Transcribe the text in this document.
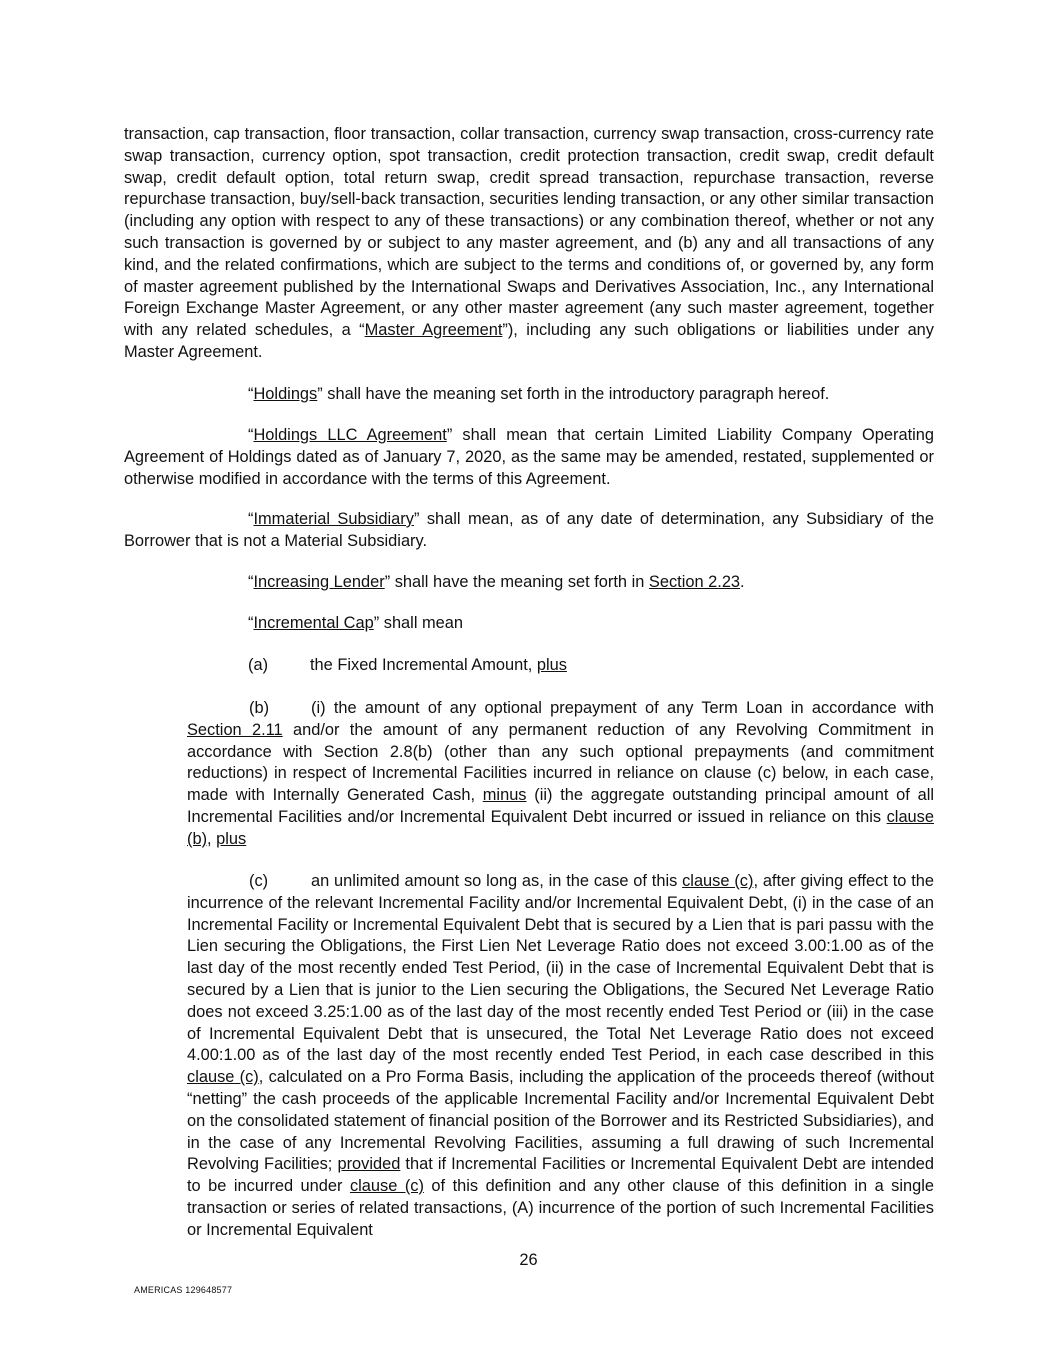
transaction, cap transaction, floor transaction, collar transaction, currency swap transaction, cross-currency rate swap transaction, currency option, spot transaction, credit protection transaction, credit swap, credit default swap, credit default option, total return swap, credit spread transaction, repurchase transaction, reverse repurchase transaction, buy/sell-back transaction, securities lending transaction, or any other similar transaction (including any option with respect to any of these transactions) or any combination thereof, whether or not any such transaction is governed by or subject to any master agreement, and (b) any and all transactions of any kind, and the related confirmations, which are subject to the terms and conditions of, or governed by, any form of master agreement published by the International Swaps and Derivatives Association, Inc., any International Foreign Exchange Master Agreement, or any other master agreement (any such master agreement, together with any related schedules, a “Master Agreement”), including any such obligations or liabilities under any Master Agreement.

“Holdings” shall have the meaning set forth in the introductory paragraph hereof.

“Holdings LLC Agreement” shall mean that certain Limited Liability Company Operating Agreement of Holdings dated as of January 7, 2020, as the same may be amended, restated, supplemented or otherwise modified in accordance with the terms of this Agreement.

“Immaterial Subsidiary” shall mean, as of any date of determination, any Subsidiary of the Borrower that is not a Material Subsidiary.

“Increasing Lender” shall have the meaning set forth in Section 2.23.

“Incremental Cap” shall mean

(a)	the Fixed Incremental Amount, plus

(b)	(i) the amount of any optional prepayment of any Term Loan in accordance with Section 2.11 and/or the amount of any permanent reduction of any Revolving Commitment in accordance with Section 2.8(b) (other than any such optional prepayments (and commitment reductions) in respect of Incremental Facilities incurred in reliance on clause (c) below, in each case, made with Internally Generated Cash, minus (ii) the aggregate outstanding principal amount of all Incremental Facilities and/or Incremental Equivalent Debt incurred or issued in reliance on this clause (b), plus

(c)	an unlimited amount so long as, in the case of this clause (c), after giving effect to the incurrence of the relevant Incremental Facility and/or Incremental Equivalent Debt, (i) in the case of an Incremental Facility or Incremental Equivalent Debt that is secured by a Lien that is pari passu with the Lien securing the Obligations, the First Lien Net Leverage Ratio does not exceed 3.00:1.00 as of the last day of the most recently ended Test Period, (ii) in the case of Incremental Equivalent Debt that is secured by a Lien that is junior to the Lien securing the Obligations, the Secured Net Leverage Ratio does not exceed 3.25:1.00 as of the last day of the most recently ended Test Period or (iii) in the case of Incremental Equivalent Debt that is unsecured, the Total Net Leverage Ratio does not exceed 4.00:1.00 as of the last day of the most recently ended Test Period, in each case described in this clause (c), calculated on a Pro Forma Basis, including the application of the proceeds thereof (without “netting” the cash proceeds of the applicable Incremental Facility and/or Incremental Equivalent Debt on the consolidated statement of financial position of the Borrower and its Restricted Subsidiaries), and in the case of any Incremental Revolving Facilities, assuming a full drawing of such Incremental Revolving Facilities; provided that if Incremental Facilities or Incremental Equivalent Debt are intended to be incurred under clause (c) of this definition and any other clause of this definition in a single transaction or series of related transactions, (A) incurrence of the portion of such Incremental Facilities or Incremental Equivalent

26
AMERICAS 129648577
